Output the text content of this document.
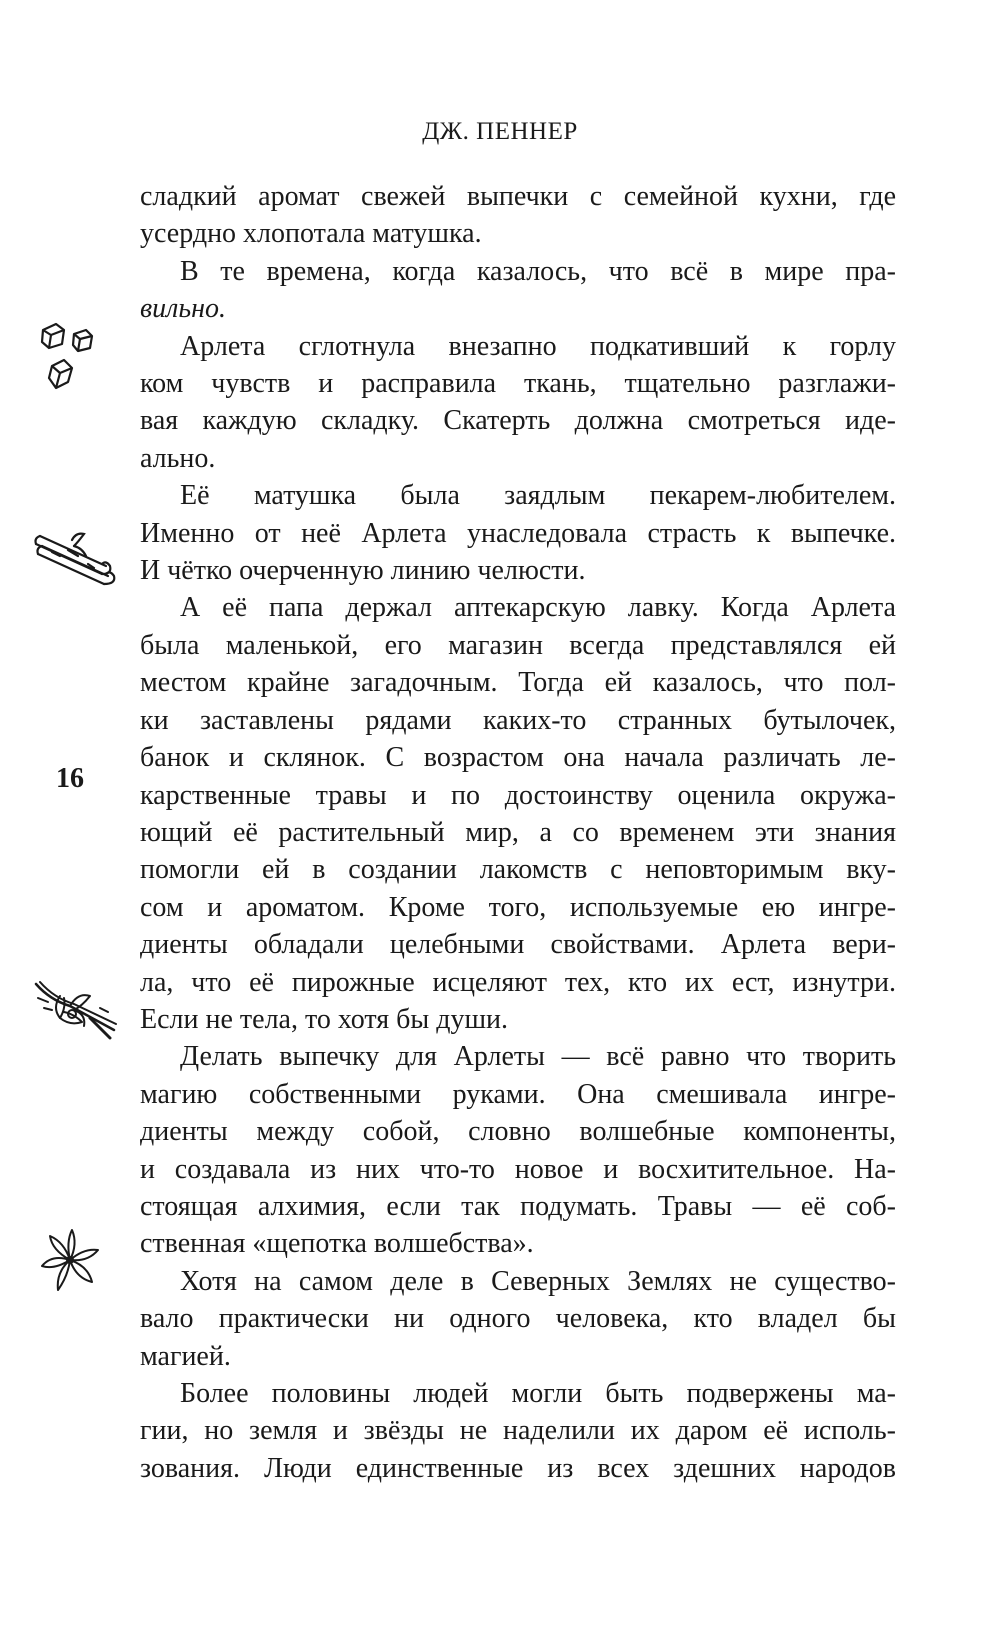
ДЖ. ПЕННЕР
16
сладкий аромат свежей выпечки с семейной кухни, где
усердно хлопотала матушка.
В те времена, когда казалось, что всё в мире пра-
вильно.
Арлета сглотнула внезапно подкативший к горлу
ком чувств и расправила ткань, тщательно разглажи-
вая каждую складку. Скатерть должна смотреться иде-
ально.
Её матушка была заядлым пекарем-любителем.
Именно от неё Арлета унаследовала страсть к выпечке.
И чётко очерченную линию челюсти.
А её папа держал аптекарскую лавку. Когда Арлета
была маленькой, его магазин всегда представлялся ей
местом крайне загадочным. Тогда ей казалось, что пол-
ки заставлены рядами каких-то странных бутылочек,
банок и склянок. С возрастом она начала различать ле-
карственные травы и по достоинству оценила окружа-
ющий её растительный мир, а со временем эти знания
помогли ей в создании лакомств с неповторимым вку-
сом и ароматом. Кроме того, используемые ею ингре-
диенты обладали целебными свойствами. Арлета вери-
ла, что её пирожные исцеляют тех, кто их ест, изнутри.
Если не тела, то хотя бы души.
Делать выпечку для Арлеты — всё равно что творить
магию собственными руками. Она смешивала ингре-
диенты между собой, словно волшебные компоненты,
и создавала из них что-то новое и восхитительное. На-
стоящая алхимия, если так подумать. Травы — её соб-
ственная «щепотка волшебства».
Хотя на самом деле в Северных Землях не существо-
вало практически ни одного человека, кто владел бы
магией.
Более половины людей могли быть подвержены ма-
гии, но земля и звёзды не наделили их даром её исполь-
зования. Люди единственные из всех здешних народов
